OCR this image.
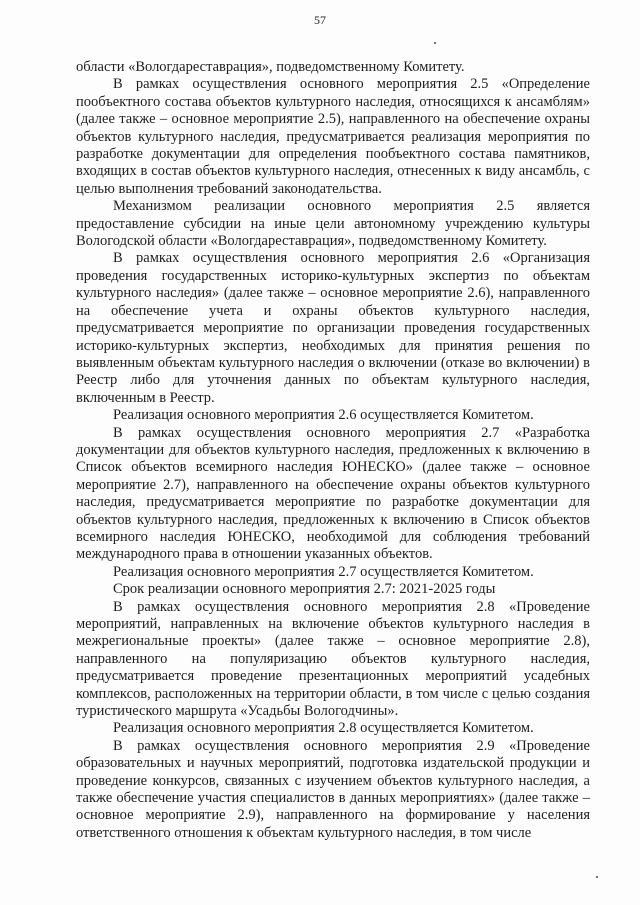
57

области «Вологдареставрация», подведомственному Комитету.

В рамках осуществления основного мероприятия 2.5 «Определение пообъектного состава объектов культурного наследия, относящихся к ансамблям» (далее также – основное мероприятие 2.5), направленного на обеспечение охраны объектов культурного наследия, предусматривается реализация мероприятия по разработке документации для определения пообъектного состава памятников, входящих в состав объектов культурного наследия, отнесенных к виду ансамбль, с целью выполнения требований законодательства.

Механизмом реализации основного мероприятия 2.5 является предоставление субсидии на иные цели автономному учреждению культуры Вологодской области «Вологдареставрация», подведомственному Комитету.

В рамках осуществления основного мероприятия 2.6 «Организация проведения государственных историко-культурных экспертиз по объектам культурного наследия» (далее также – основное мероприятие 2.6), направленного на обеспечение учета и охраны объектов культурного наследия, предусматривается мероприятие по организации проведения государственных историко-культурных экспертиз, необходимых для принятия решения по выявленным объектам культурного наследия о включении (отказе во включении) в Реестр либо для уточнения данных по объектам культурного наследия, включенным в Реестр.

Реализация основного мероприятия 2.6 осуществляется Комитетом.

В рамках осуществления основного мероприятия 2.7 «Разработка документации для объектов культурного наследия, предложенных к включению в Список объектов всемирного наследия ЮНЕСКО» (далее также – основное мероприятие 2.7), направленного на обеспечение охраны объектов культурного наследия, предусматривается мероприятие по разработке документации для объектов культурного наследия, предложенных к включению в Список объектов всемирного наследия ЮНЕСКО, необходимой для соблюдения требований международного права в отношении указанных объектов.

Реализация основного мероприятия 2.7 осуществляется Комитетом.

Срок реализации основного мероприятия 2.7: 2021-2025 годы

В рамках осуществления основного мероприятия 2.8 «Проведение мероприятий, направленных на включение объектов культурного наследия в межрегиональные проекты» (далее также – основное мероприятие 2.8), направленного на популяризацию объектов культурного наследия, предусматривается проведение презентационных мероприятий усадебных комплексов, расположенных на территории области, в том числе с целью создания туристического маршрута «Усадьбы Вологодчины».

Реализация основного мероприятия 2.8 осуществляется Комитетом.

В рамках осуществления основного мероприятия 2.9 «Проведение образовательных и научных мероприятий, подготовка издательской продукции и проведение конкурсов, связанных с изучением объектов культурного наследия, а также обеспечение участия специалистов в данных мероприятиях» (далее также – основное мероприятие 2.9), направленного на формирование у населения ответственного отношения к объектам культурного наследия, в том числе
